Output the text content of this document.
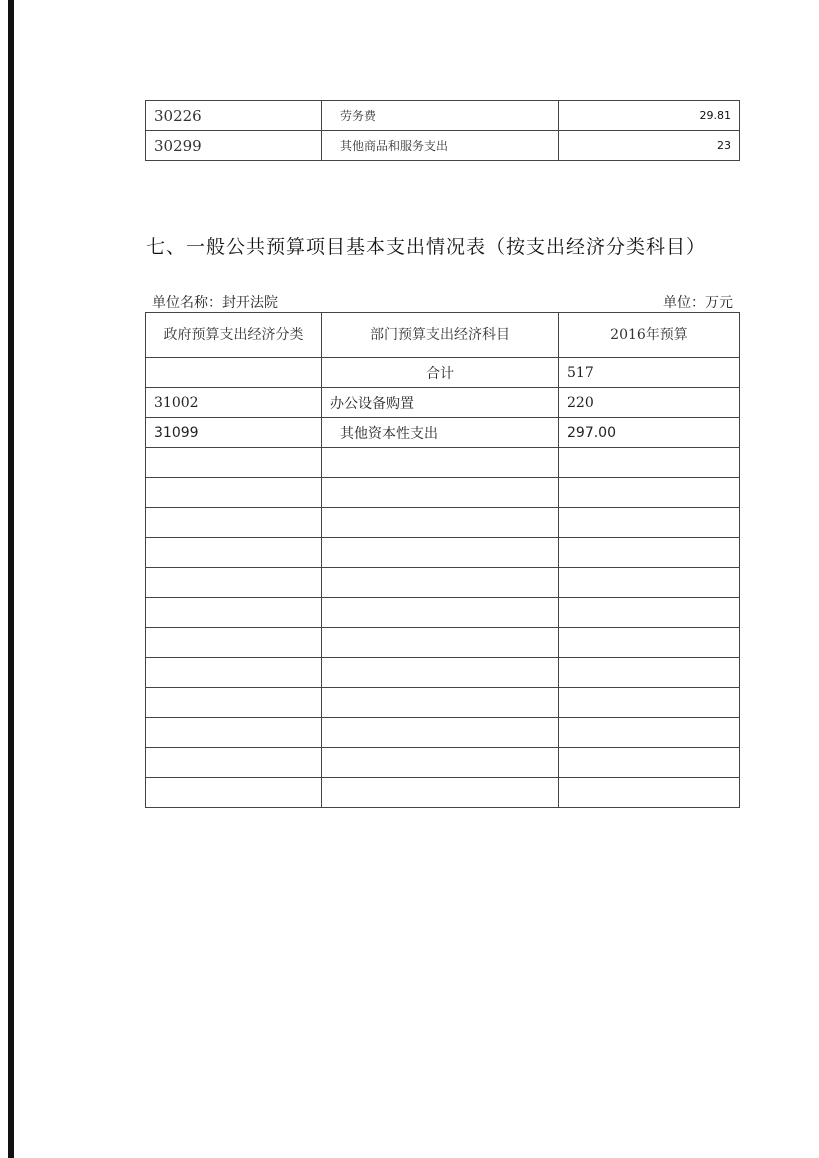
30226	劳务费	29.81
30299	其他商品和服务支出	23
七、一般公共预算项目基本支出情况表（按支出经济分类科目）
单位名称：封开法院	单位：万元
政府预算支出经济分类	部门预算支出经济科目	2016年预算
	合计	517
31002	办公设备购置	220
31099	其他资本性支出	297.00
